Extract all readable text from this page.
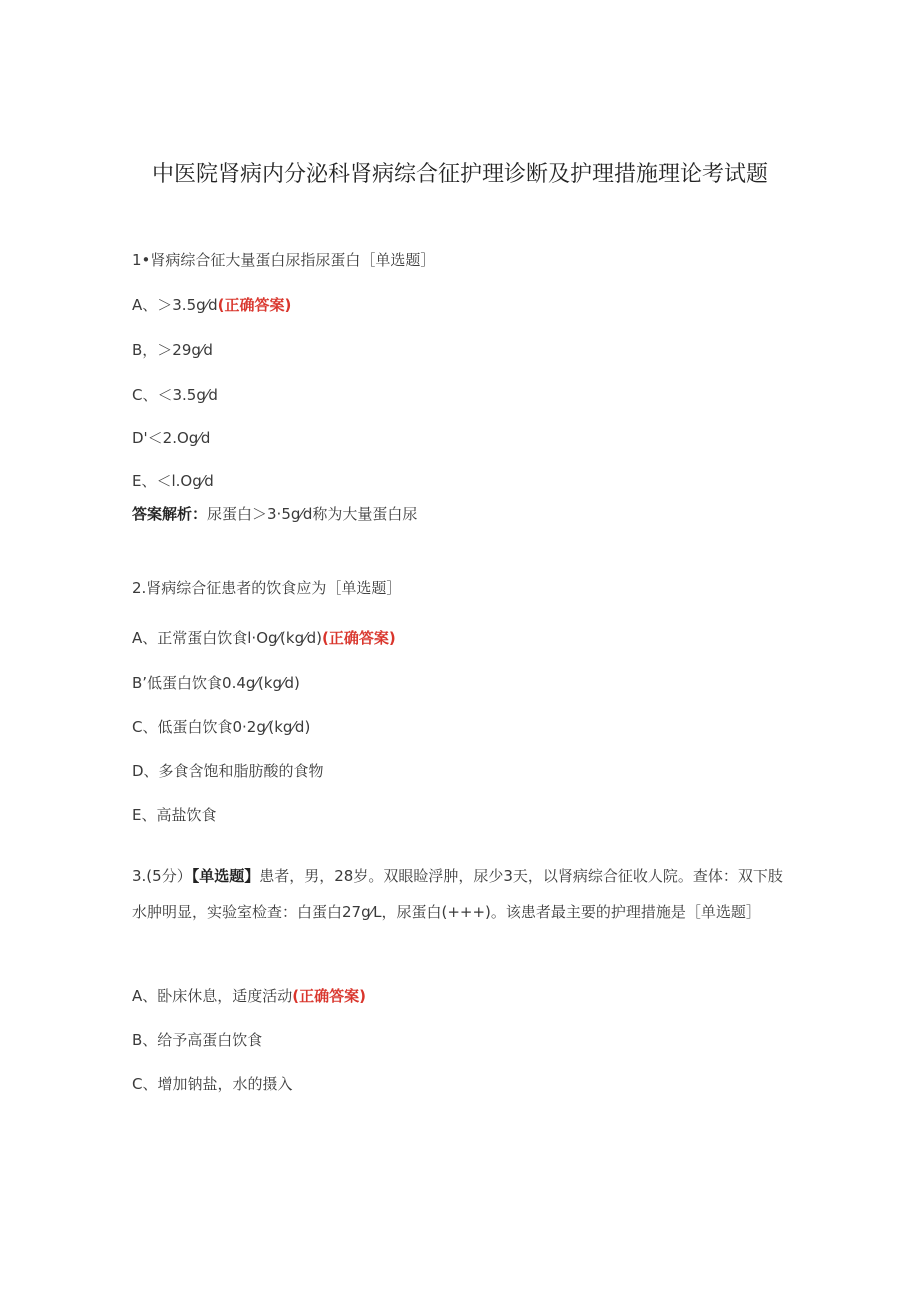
中医院肾病内分泌科肾病综合征护理诊断及护理措施理论考试题
1•肾病综合征大量蛋白尿指尿蛋白［单选题］
A、＞3.5g⁄d(正确答案)
B，＞29g⁄d
C、＜3.5g⁄d
D'＜2.Og⁄d
E、＜l.Og⁄d
答案解析：尿蛋白＞3·5g⁄d称为大量蛋白尿
2.肾病综合征患者的饮食应为［单选题］
A、正常蛋白饮食l·Og⁄(kg⁄d)(正确答案)
B’低蛋白饮食0.4g⁄(kg⁄d)
C、低蛋白饮食0·2g⁄(kg⁄d)
D、多食含饱和脂肪酸的食物
E、高盐饮食
3.(5分）【单选题】患者，男，28岁。双眼睑浮肿，尿少3天，以肾病综合征收人院。查体：双下肢水肿明显，实验室检查：白蛋白27g⁄L，尿蛋白(+++)。该患者最主要的护理措施是［单选题］
A、卧床休息，适度活动(正确答案)
B、给予高蛋白饮食
C、增加钠盐，水的摄入
